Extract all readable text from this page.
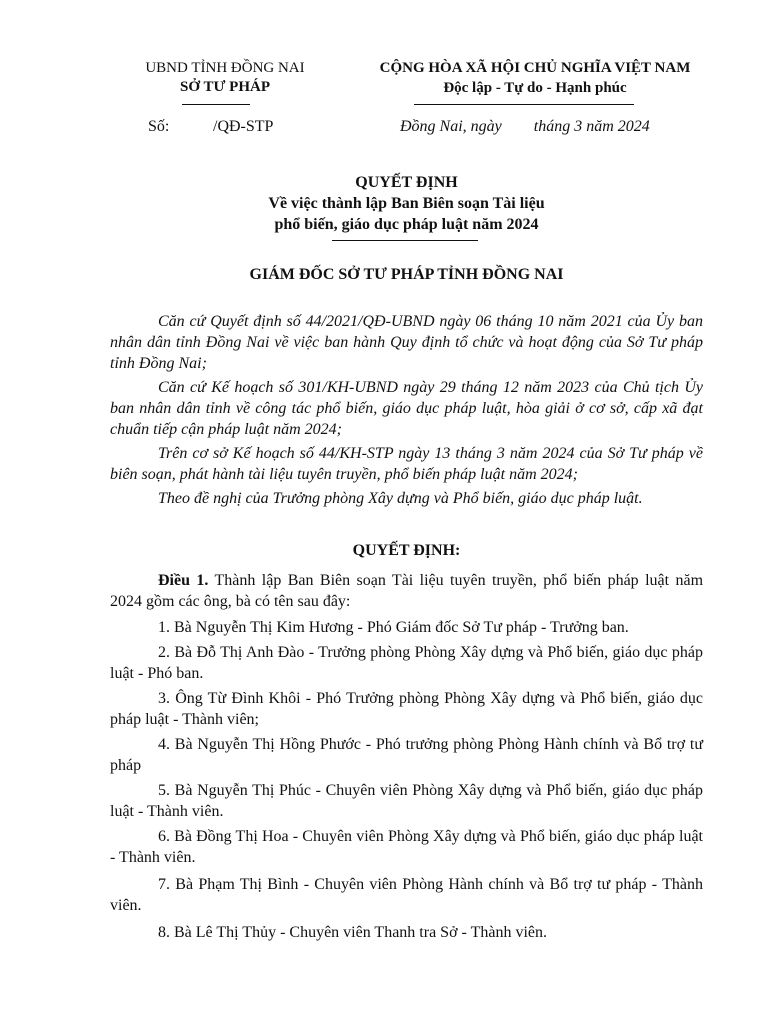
UBND TỈNH ĐỒNG NAI
SỞ TƯ PHÁP
Số:	/QĐ-STP
CỘNG HÒA XÃ HỘI CHỦ NGHĨA VIỆT NAM
Độc lập - Tự do - Hạnh phúc
Đồng Nai, ngày        tháng 3 năm 2024
QUYẾT ĐỊNH
Về việc thành lập Ban Biên soạn Tài liệu
phổ biến, giáo dục pháp luật năm 2024
GIÁM ĐỐC SỞ TƯ PHÁP TỈNH ĐỒNG NAI
Căn cứ Quyết định số 44/2021/QĐ-UBND ngày 06 tháng 10 năm 2021 của Ủy ban nhân dân tỉnh Đồng Nai về việc ban hành Quy định tổ chức và hoạt động của Sở Tư pháp tỉnh Đồng Nai;
Căn cứ Kế hoạch số 301/KH-UBND ngày 29 tháng 12 năm 2023 của Chủ tịch Ủy ban nhân dân tỉnh về công tác phổ biến, giáo dục pháp luật, hòa giải ở cơ sở, cấp xã đạt chuẩn tiếp cận pháp luật năm 2024;
Trên cơ sở Kế hoạch số 44/KH-STP ngày 13 tháng 3 năm 2024 của Sở Tư pháp về biên soạn, phát hành tài liệu tuyên truyền, phổ biến pháp luật năm 2024;
Theo đề nghị của Trưởng phòng Xây dựng và Phổ biến, giáo dục pháp luật.
QUYẾT ĐỊNH:
Điều 1. Thành lập Ban Biên soạn Tài liệu tuyên truyền, phổ biến pháp luật năm 2024 gồm các ông, bà có tên sau đây:
1. Bà Nguyễn Thị Kim Hương - Phó Giám đốc Sở Tư pháp - Trưởng ban.
2. Bà Đỗ Thị Anh Đào - Trưởng phòng Phòng Xây dựng và Phổ biến, giáo dục pháp luật - Phó ban.
3. Ông Từ Đình Khôi - Phó Trưởng phòng Phòng Xây dựng và Phổ biến, giáo dục pháp luật - Thành viên;
4. Bà Nguyễn Thị Hồng Phước - Phó trưởng phòng Phòng Hành chính và Bổ trợ tư pháp
5. Bà Nguyễn Thị Phúc - Chuyên viên Phòng Xây dựng và Phổ biến, giáo dục pháp luật - Thành viên.
6. Bà Đồng Thị Hoa - Chuyên viên Phòng Xây dựng và Phổ biến, giáo dục pháp luật - Thành viên.
7. Bà Phạm Thị Bình - Chuyên viên Phòng Hành chính và Bổ trợ tư pháp - Thành viên.
8. Bà Lê Thị Thủy - Chuyên viên Thanh tra Sở - Thành viên.
